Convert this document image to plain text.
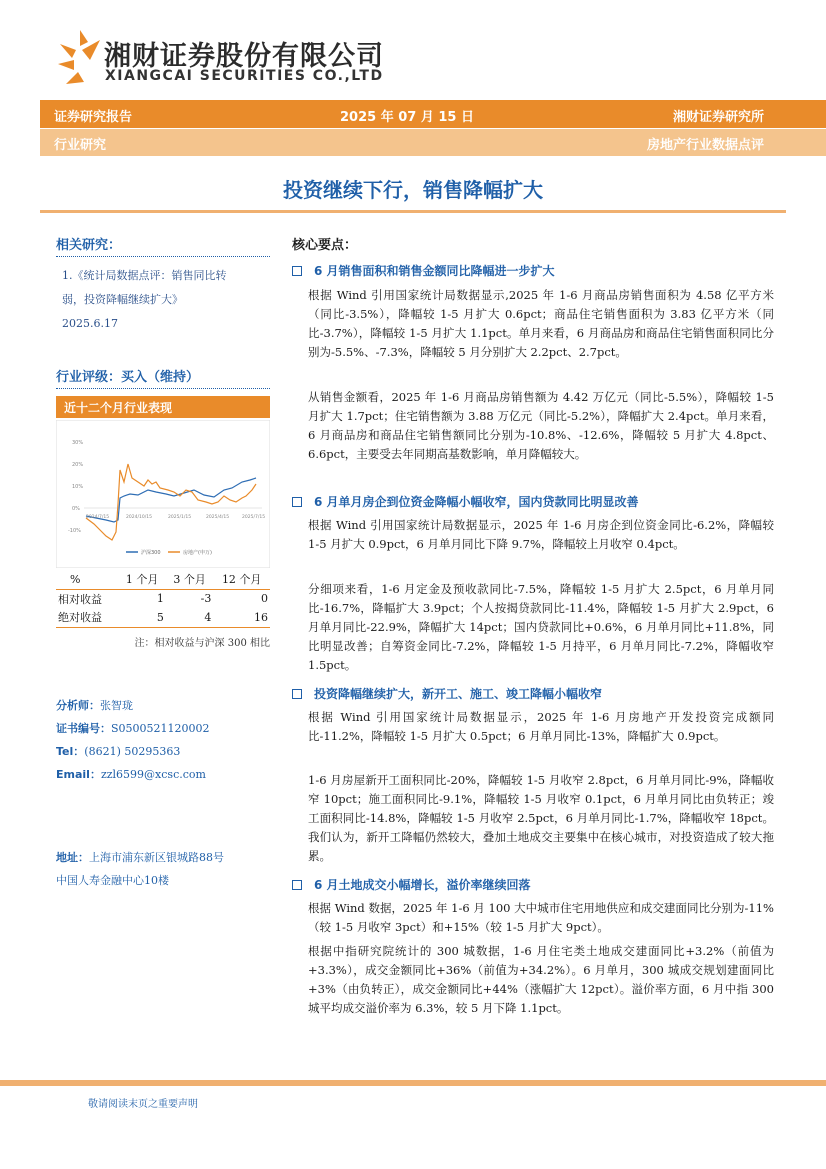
湘财证券股份有限公司
XIANGCAI SECURITIES CO.,LTD
证券研究报告	2025 年 07 月 15 日	湘财证券研究所
行业研究	房地产行业数据点评
投资继续下行，销售降幅扩大
相关研究：
1.《统计局数据点评：销售同比转
弱，投资降幅继续扩大》
2025.6.17
行业评级：买入（维持）
近十二个月行业表现
30%
20%
10%
0%
-10%
2024/7/15	2024/10/15	2025/1/15	2025/4/15	2025/7/15
沪深300	房地产(申万)
%	1 个月	3 个月	12 个月
相对收益	1	-3	0
绝对收益	5	4	16
注：相对收益与沪深 300 相比
分析师：张智珑
证书编号：S0500521120002
Tel：(8621) 50295363
Email：zzl6599@xcsc.com
地址：上海市浦东新区银城路88号
中国人寿金融中心10楼
核心要点：
6 月销售面积和销售金额同比降幅进一步扩大
根据 Wind 引用国家统计局数据显示,2025 年 1-6 月商品房销售面积为 4.58 亿平方米（同比-3.5%），降幅较 1-5 月扩大 0.6pct；商品住宅销售面积为 3.83 亿平方米（同比-3.7%），降幅较 1-5 月扩大 1.1pct。单月来看，6 月商品房和商品住宅销售面积同比分别为-5.5%、-7.3%，降幅较 5 月分别扩大 2.2pct、2.7pct。
从销售金额看，2025 年 1-6 月商品房销售额为 4.42 万亿元（同比-5.5%），降幅较 1-5 月扩大 1.7pct；住宅销售额为 3.88 万亿元（同比-5.2%），降幅扩大 2.4pct。单月来看，6 月商品房和商品住宅销售额同比分别为-10.8%、-12.6%，降幅较 5 月扩大 4.8pct、6.6pct，主要受去年同期高基数影响，单月降幅较大。
6 月单月房企到位资金降幅小幅收窄，国内贷款同比明显改善
根据 Wind 引用国家统计局数据显示，2025 年 1-6 月房企到位资金同比-6.2%，降幅较 1-5 月扩大 0.9pct，6 月单月同比下降 9.7%，降幅较上月收窄 0.4pct。
分细项来看，1-6 月定金及预收款同比-7.5%，降幅较 1-5 月扩大 2.5pct，6 月单月同比-16.7%，降幅扩大 3.9pct；个人按揭贷款同比-11.4%，降幅较 1-5 月扩大 2.9pct，6 月单月同比-22.9%，降幅扩大 14pct；国内贷款同比+0.6%，6 月单月同比+11.8%，同比明显改善；自筹资金同比-7.2%，降幅较 1-5 月持平，6 月单月同比-7.2%，降幅收窄 1.5pct。
投资降幅继续扩大，新开工、施工、竣工降幅小幅收窄
根据 Wind 引用国家统计局数据显示，2025 年 1-6 月房地产开发投资完成额同比-11.2%，降幅较 1-5 月扩大 0.5pct；6 月单月同比-13%，降幅扩大 0.9pct。
1-6 月房屋新开工面积同比-20%，降幅较 1-5 月收窄 2.8pct，6 月单月同比-9%，降幅收窄 10pct；施工面积同比-9.1%，降幅较 1-5 月收窄 0.1pct，6 月单月同比由负转正；竣工面积同比-14.8%，降幅较 1-5 月收窄 2.5pct，6 月单月同比-1.7%，降幅收窄 18pct。我们认为，新开工降幅仍然较大，叠加土地成交主要集中在核心城市，对投资造成了较大拖累。
6 月土地成交小幅增长，溢价率继续回落
根据 Wind 数据，2025 年 1-6 月 100 大中城市住宅用地供应和成交建面同比分别为-11%（较 1-5 月收窄 3pct）和+15%（较 1-5 月扩大 9pct）。
根据中指研究院统计的 300 城数据，1-6 月住宅类土地成交建面同比+3.2%（前值为+3.3%），成交金额同比+36%（前值为+34.2%）。6 月单月，300 城成交规划建面同比+3%（由负转正），成交金额同比+44%（涨幅扩大 12pct）。溢价率方面，6 月中指 300 城平均成交溢价率为 6.3%，较 5 月下降 1.1pct。
敬请阅读末页之重要声明
